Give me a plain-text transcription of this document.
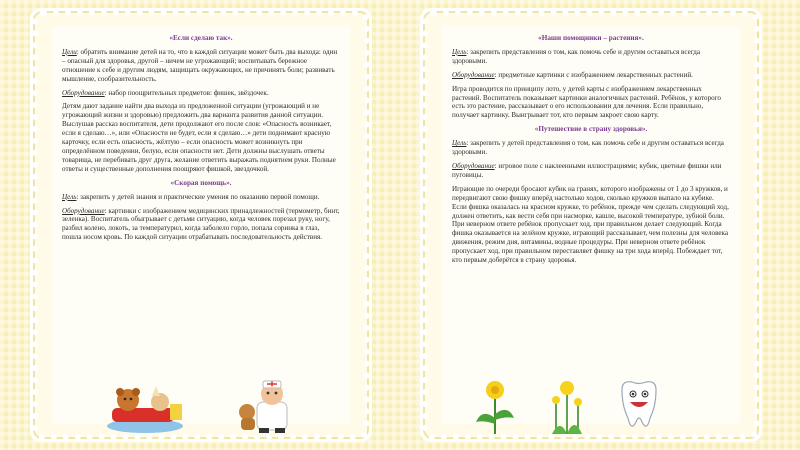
«Если сделаю так».

Цели: обратить внимание детей на то, что в каждой ситуации может быть два выхода: один – опасный для здоровья, другой – ничем не угрожающий; воспитывать бережное отношение к себе и другим людям, защищать окружающих, не причинять боли; развивать мышление, сообразительность.

Оборудование: набор поощрительных предметов: фишек, звёздочек.

Детям дают задание найти два выхода из предложенной ситуации (угрожающий и не угрожающий жизни и здоровью) предложить два варианта развития данной ситуации. Выслушав рассказ воспитателя, дети продолжают его после слов: «Опасность возникает, если я сделаю…», или «Опасности не будет, если я сделаю…» дети поднимают красную карточку, если есть опасность, жёлтую – если опасность может возникнуть при определённом поведении, белую, если опасности нет. Дети должны выслушать ответы товарища, не перебивать друг друга, желание ответить выражать поднятием руки. Полные ответы и существенные дополнения поощряют фишкой, звездочкой.

«Скорая помощь».

Цель: закрепить у детей знания и практические умения по оказанию первой помощи.

Оборудование: картинки с изображением медицинских принадлежностей (термометр, бинт, зеленка). Воспитатель обыгрывает с детьми ситуацию, когда человек порезал руку, ногу, разбил колено, локоть, за температурил, когда заболело горло, попала соринка в глаз, пошла носом кровь. По каждой ситуации отрабатывать последовательность действия.

«Наши помощники – растения».

Цель: закрепить представления о том, как помочь себе и другим оставаться всегда здоровыми.

Оборудование: предметные картинки с изображением лекарственных растений.

Игра проводится по принципу лото, у детей карты с изображением лекарственных растений. Воспитатель показывает картинки аналогичных растений. Ребёнок, у которого есть это растение, рассказывает о его использовании для лечения. Если правильно, получает картинку. Выигрывает тот, кто первым закроет свою карту.

«Путешествие в страну здоровья».

Цель: закрепить у детей представления о том, как помочь себе и другим оставаться всегда здоровыми.

Оборудование: игровое поле с наклеенными иллюстрациями; кубик, цветные фишки или пуговицы.

Играющие по очереди бросают кубик на гранях, которого изображены от 1 до 3 кружков, и передвигают свою фишку вперёд настолько ходов, сколько кружков выпало на кубике. Если фишка оказалась на красном кружке, то ребёнок, прежде чем сделать следующий ход, должен ответить, как вести себя при насморке, кашле, высокой температуре, зубной боли. При неверном ответе ребёнок пропускает ход, при правильном делает следующий. Когда фишка оказывается на зелёном кружке, играющий рассказывает, чем полезны для человека движения, режим дня, витамины, водные процедуры. При неверном ответе ребёнок пропускает ход, при правильном переставляет фишку на три хода вперёд. Побеждает тот, кто первым доберётся в страну здоровья.
